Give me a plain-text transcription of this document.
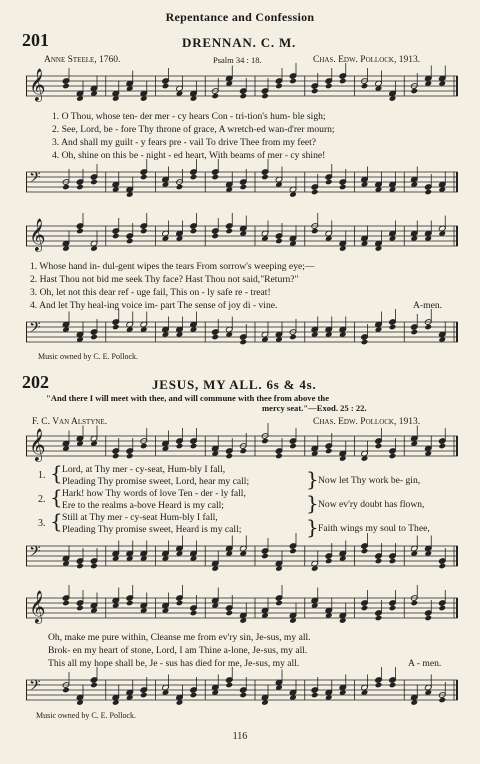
Repentance and Confession
201	DRENNAN. C. M.
Anne Steele, 1760.	Psalm 34 : 18.	Chas. Edw. Pollock, 1913.
𝄞
1. O Thou, whose ten- der mer - cy hears Con - tri-tion's hum- ble sigh;
2. See, Lord, be - fore Thy throne of grace, A wretch-ed wan-d'rer mourn;
3. And shall my guilt - y fears pre - vail To drive Thee from my feet?
4. Oh, shine on this be - night - ed heart, With beams of mer - cy shine!
𝄢
𝄞
1. Whose hand in- dul-gent wipes the tears From sorrow's weeping eye;—
2. Hast Thou not bid me seek Thy face? Hast Thou not said,"Return?"
3. Oh, let not this dear ref - uge fail, This on - ly safe re - treat!
4. And let Thy heal-ing voice im- part The sense of joy di - vine.	A-men.
𝄢
Music owned by C. E. Pollock.
202	JESUS, MY ALL. 6s & 4s.
"And there I will meet with thee, and will commune with thee from above the
mercy seat."—Exod. 25 : 22.
F. C. Van Alstyne.	Chas. Edw. Pollock, 1913.
𝄞
1. { Lord, at Thy mer - cy-seat, Hum-bly I fall,
Pleading Thy promise sweet, Lord, hear my call;
2. { Hark! how Thy words of love Ten - der - ly fall,
Ere to the realms a-bove Heard is my call;
3. { Still at Thy mer - cy-seat Hum-bly I fall,
Pleading Thy promise sweet, Heard is my call;
} Now let Thy work be- gin,
} Now ev'ry doubt has flown,
} Faith wings my soul to Thee,
𝄢
𝄞
Oh, make me pure within, Cleanse me from ev'ry sin, Je-sus, my all.
Brok- en my heart of stone, Lord, I am Thine a-lone, Je-sus, my all.
This all my hope shall be, Je - sus has died for me, Je-sus, my all.	A - men.
𝄢
Music owned by C. E. Pollock.
116
